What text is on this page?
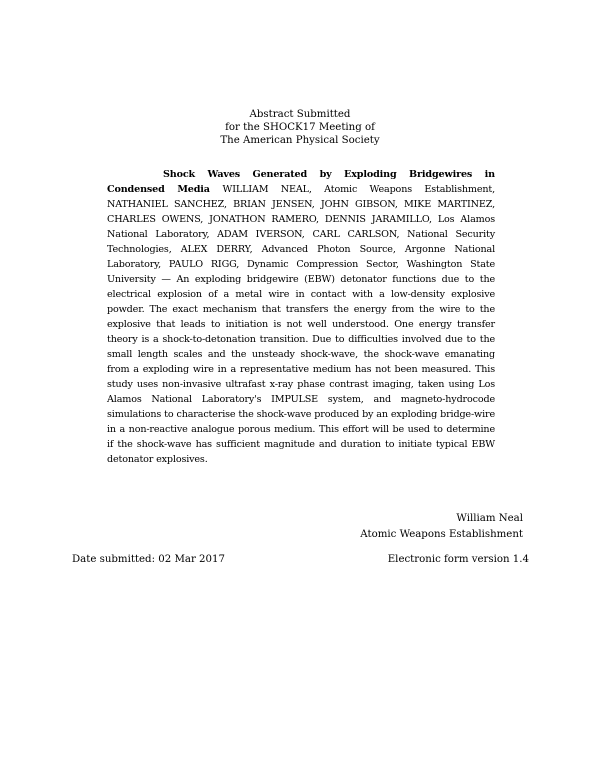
Abstract Submitted
for the SHOCK17 Meeting of
The American Physical Society
Shock Waves Generated by Exploding Bridgewires in Condensed Media WILLIAM NEAL, Atomic Weapons Establishment, NATHANIEL SANCHEZ, BRIAN JENSEN, JOHN GIBSON, MIKE MARTINEZ, CHARLES OWENS, JONATHON RAMERO, DENNIS JARAMILLO, Los Alamos National Laboratory, ADAM IVERSON, CARL CARLSON, National Security Technologies, ALEX DERRY, Advanced Photon Source, Argonne National Laboratory, PAULO RIGG, Dynamic Compression Sector, Washington State University — An exploding bridgewire (EBW) detonator functions due to the electrical explosion of a metal wire in contact with a low-density explosive powder. The exact mechanism that transfers the energy from the wire to the explosive that leads to initiation is not well understood. One energy transfer theory is a shock-to-detonation transition. Due to difficulties involved due to the small length scales and the unsteady shock-wave, the shock-wave emanating from a exploding wire in a representative medium has not been measured. This study uses non-invasive ultrafast x-ray phase contrast imaging, taken using Los Alamos National Laboratory's IMPULSE system, and magneto-hydrocode simulations to characterise the shock-wave produced by an exploding bridge-wire in a non-reactive analogue porous medium. This effort will be used to determine if the shock-wave has sufficient magnitude and duration to initiate typical EBW detonator explosives.
William Neal
Atomic Weapons Establishment
Date submitted: 02 Mar 2017	Electronic form version 1.4
